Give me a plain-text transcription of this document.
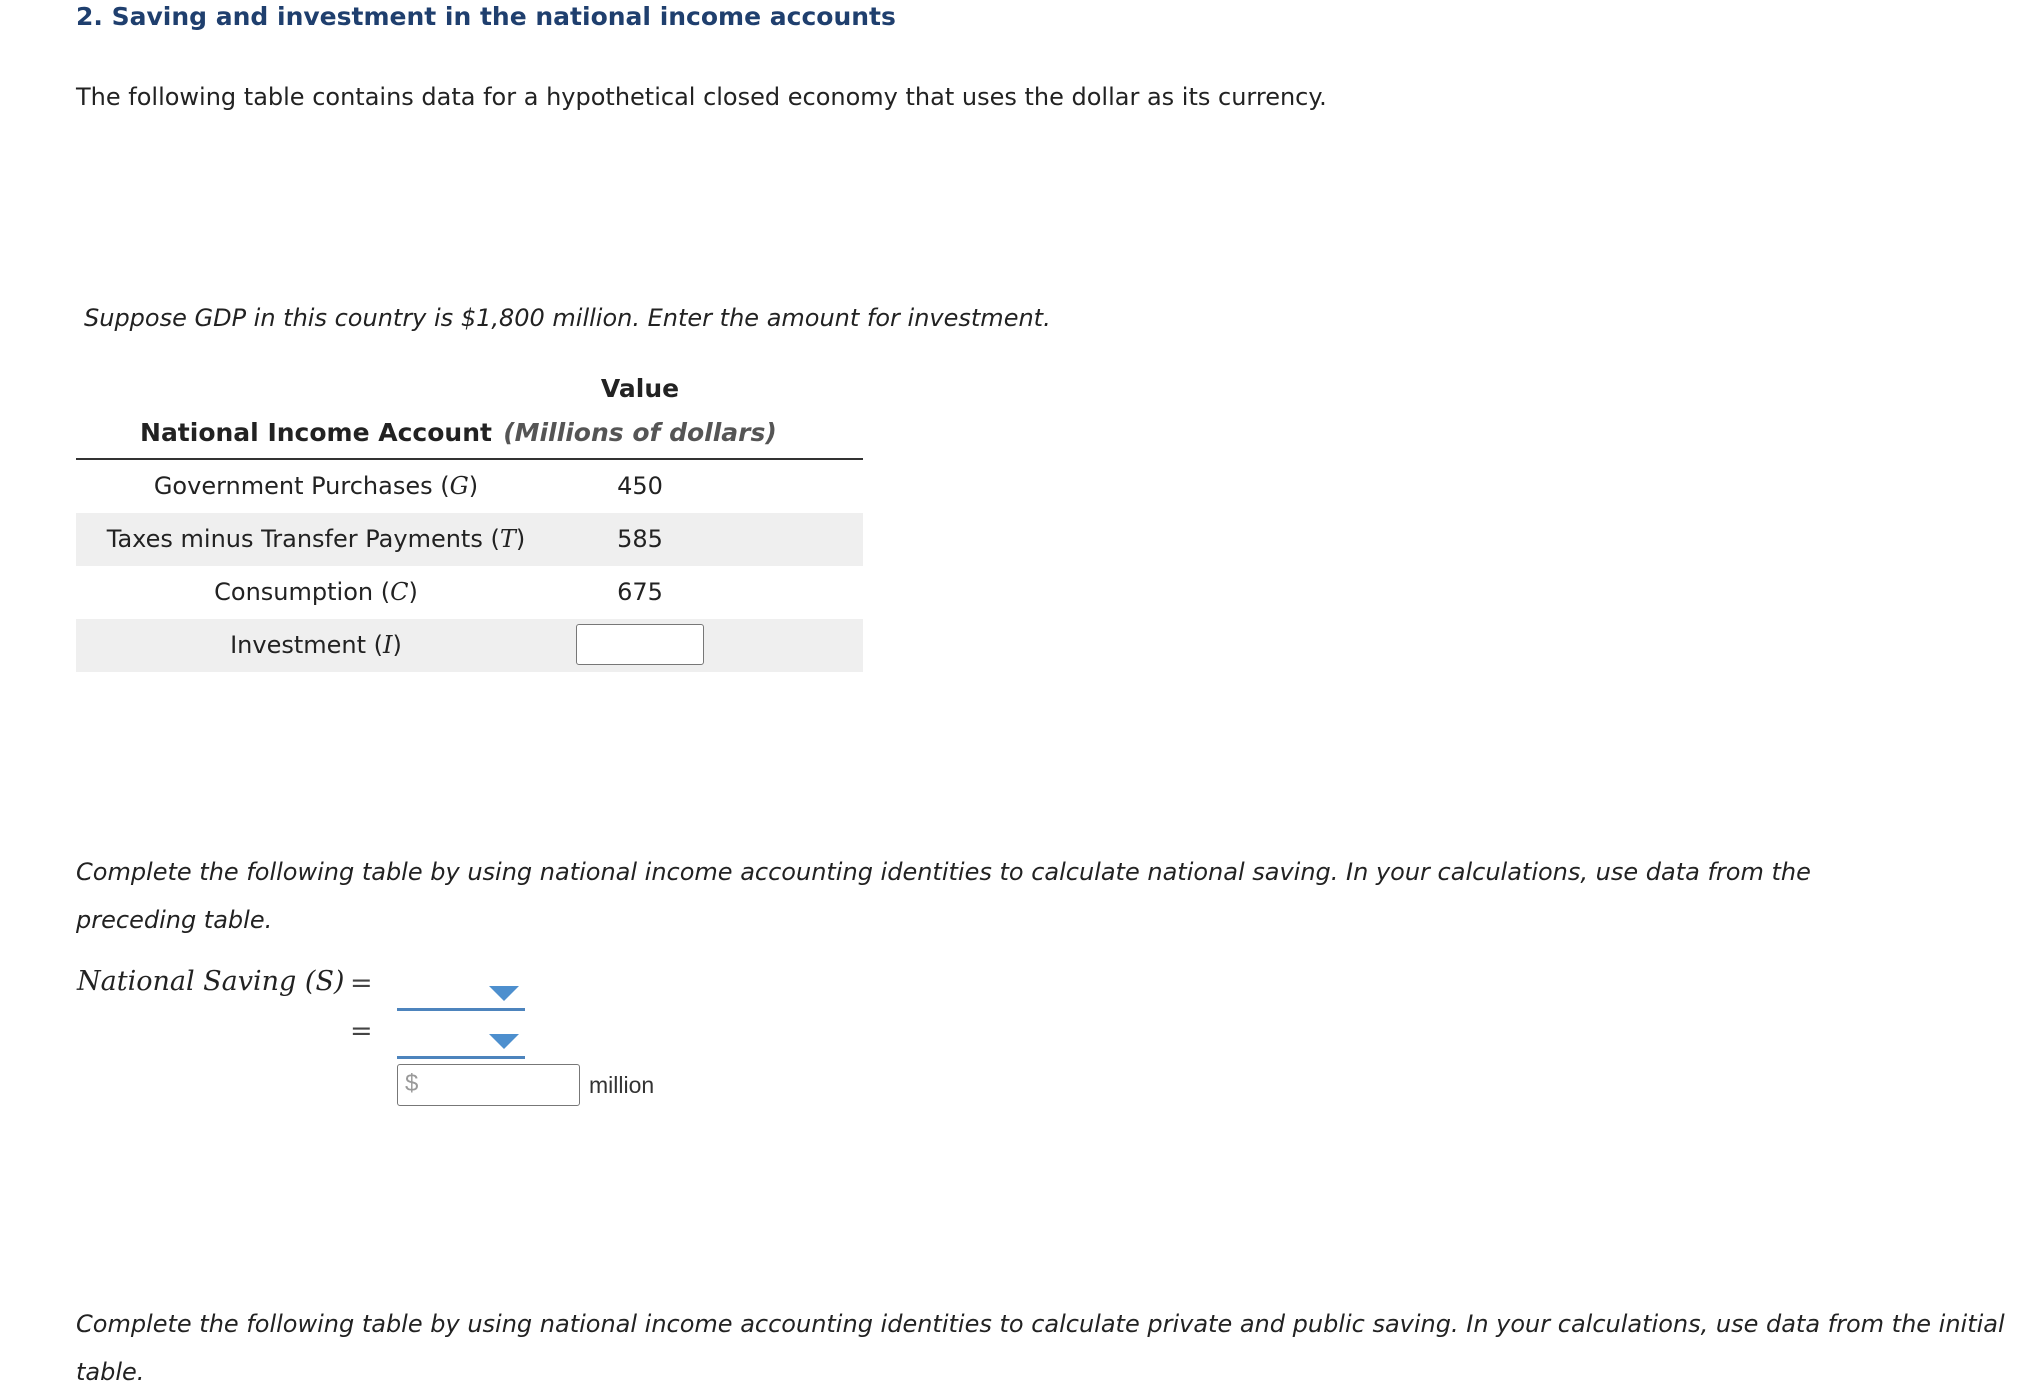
2. Saving and investment in the national income accounts
The following table contains data for a hypothetical closed economy that uses the dollar as its currency.
Suppose GDP in this country is $1,800 million. Enter the amount for investment.
Value
National Income Account (Millions of dollars)
Government Purchases (G)	450
Taxes minus Transfer Payments (T)	585
Consumption (C)	675
Investment (I)
Complete the following table by using national income accounting identities to calculate national saving. In your calculations, use data from the preceding table.
National Saving (S) =
=
$	million
Complete the following table by using national income accounting identities to calculate private and public saving. In your calculations, use data from the initial table.
